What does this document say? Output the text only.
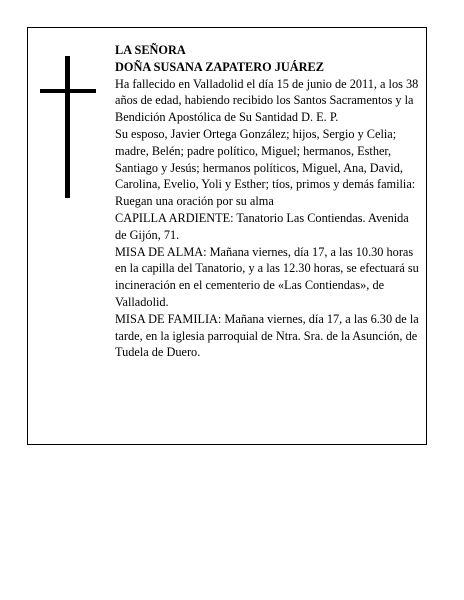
LA SEÑORA

DOÑA SUSANA ZAPATERO JUÁREZ

Ha fallecido en Valladolid el día 15 de junio de 2011, a los 38 años de edad, habiendo recibido los Santos Sacramentos y la Bendición Apostólica de Su Santidad D. E. P.

Su esposo, Javier Ortega González; hijos, Sergio y Celia; madre, Belén; padre político, Miguel; hermanos, Esther, Santiago y Jesús; hermanos políticos, Miguel, Ana, David, Carolina, Evelio, Yoli y Esther; tíos, primos y demás familia:

Ruegan una oración por su alma

CAPILLA ARDIENTE: Tanatorio Las Contiendas. Avenida de Gijón, 71.

MISA DE ALMA: Mañana viernes, día 17, a las 10.30 horas en la capilla del Tanatorio, y a las 12.30 horas, se efectuará su incineración en el cementerio de «Las Contiendas», de Valladolid.

MISA DE FAMILIA: Mañana viernes, día 17, a las 6.30 de la tarde, en la iglesia parroquial de Ntra. Sra. de la Asunción, de Tudela de Duero.
